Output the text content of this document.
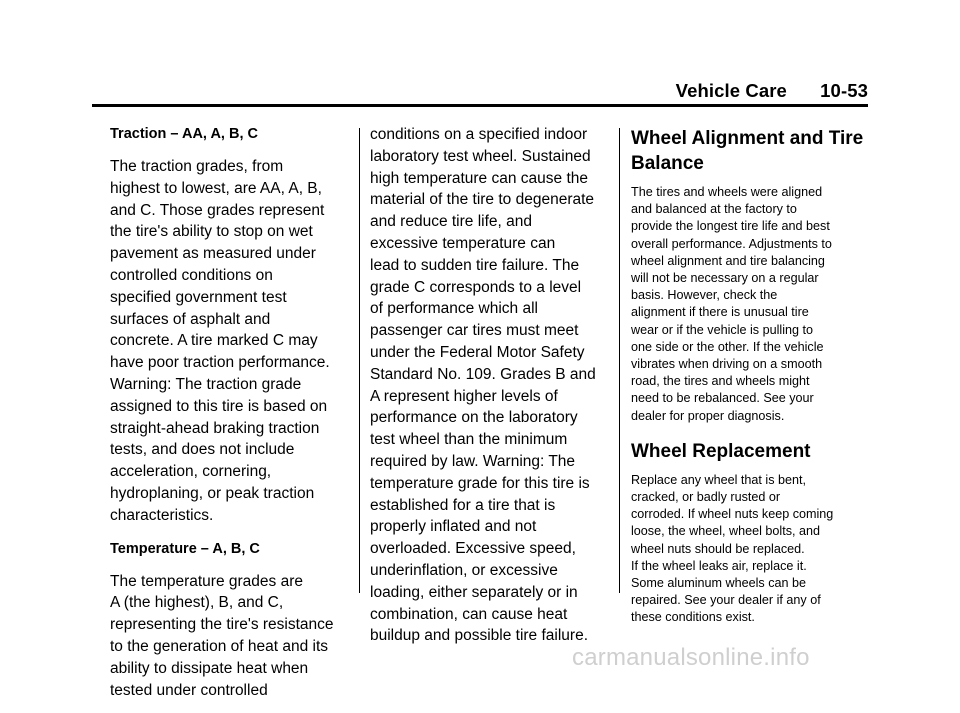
Vehicle Care 10-53
Traction – AA, A, B, C
The traction grades, from
highest to lowest, are AA, A, B,
and C. Those grades represent
the tire's ability to stop on wet
pavement as measured under
controlled conditions on
specified government test
surfaces of asphalt and
concrete. A tire marked C may
have poor traction performance.
Warning: The traction grade
assigned to this tire is based on
straight-ahead braking traction
tests, and does not include
acceleration, cornering,
hydroplaning, or peak traction
characteristics.
Temperature – A, B, C
The temperature grades are
A (the highest), B, and C,
representing the tire's resistance
to the generation of heat and its
ability to dissipate heat when
tested under controlled
conditions on a specified indoor
laboratory test wheel. Sustained
high temperature can cause the
material of the tire to degenerate
and reduce tire life, and
excessive temperature can
lead to sudden tire failure. The
grade C corresponds to a level
of performance which all
passenger car tires must meet
under the Federal Motor Safety
Standard No. 109. Grades B and
A represent higher levels of
performance on the laboratory
test wheel than the minimum
required by law. Warning: The
temperature grade for this tire is
established for a tire that is
properly inflated and not
overloaded. Excessive speed,
underinflation, or excessive
loading, either separately or in
combination, can cause heat
buildup and possible tire failure.
Wheel Alignment and Tire
Balance
The tires and wheels were aligned
and balanced at the factory to
provide the longest tire life and best
overall performance. Adjustments to
wheel alignment and tire balancing
will not be necessary on a regular
basis. However, check the
alignment if there is unusual tire
wear or if the vehicle is pulling to
one side or the other. If the vehicle
vibrates when driving on a smooth
road, the tires and wheels might
need to be rebalanced. See your
dealer for proper diagnosis.
Wheel Replacement
Replace any wheel that is bent,
cracked, or badly rusted or
corroded. If wheel nuts keep coming
loose, the wheel, wheel bolts, and
wheel nuts should be replaced.
If the wheel leaks air, replace it.
Some aluminum wheels can be
repaired. See your dealer if any of
these conditions exist.
carmanualsonline.info
